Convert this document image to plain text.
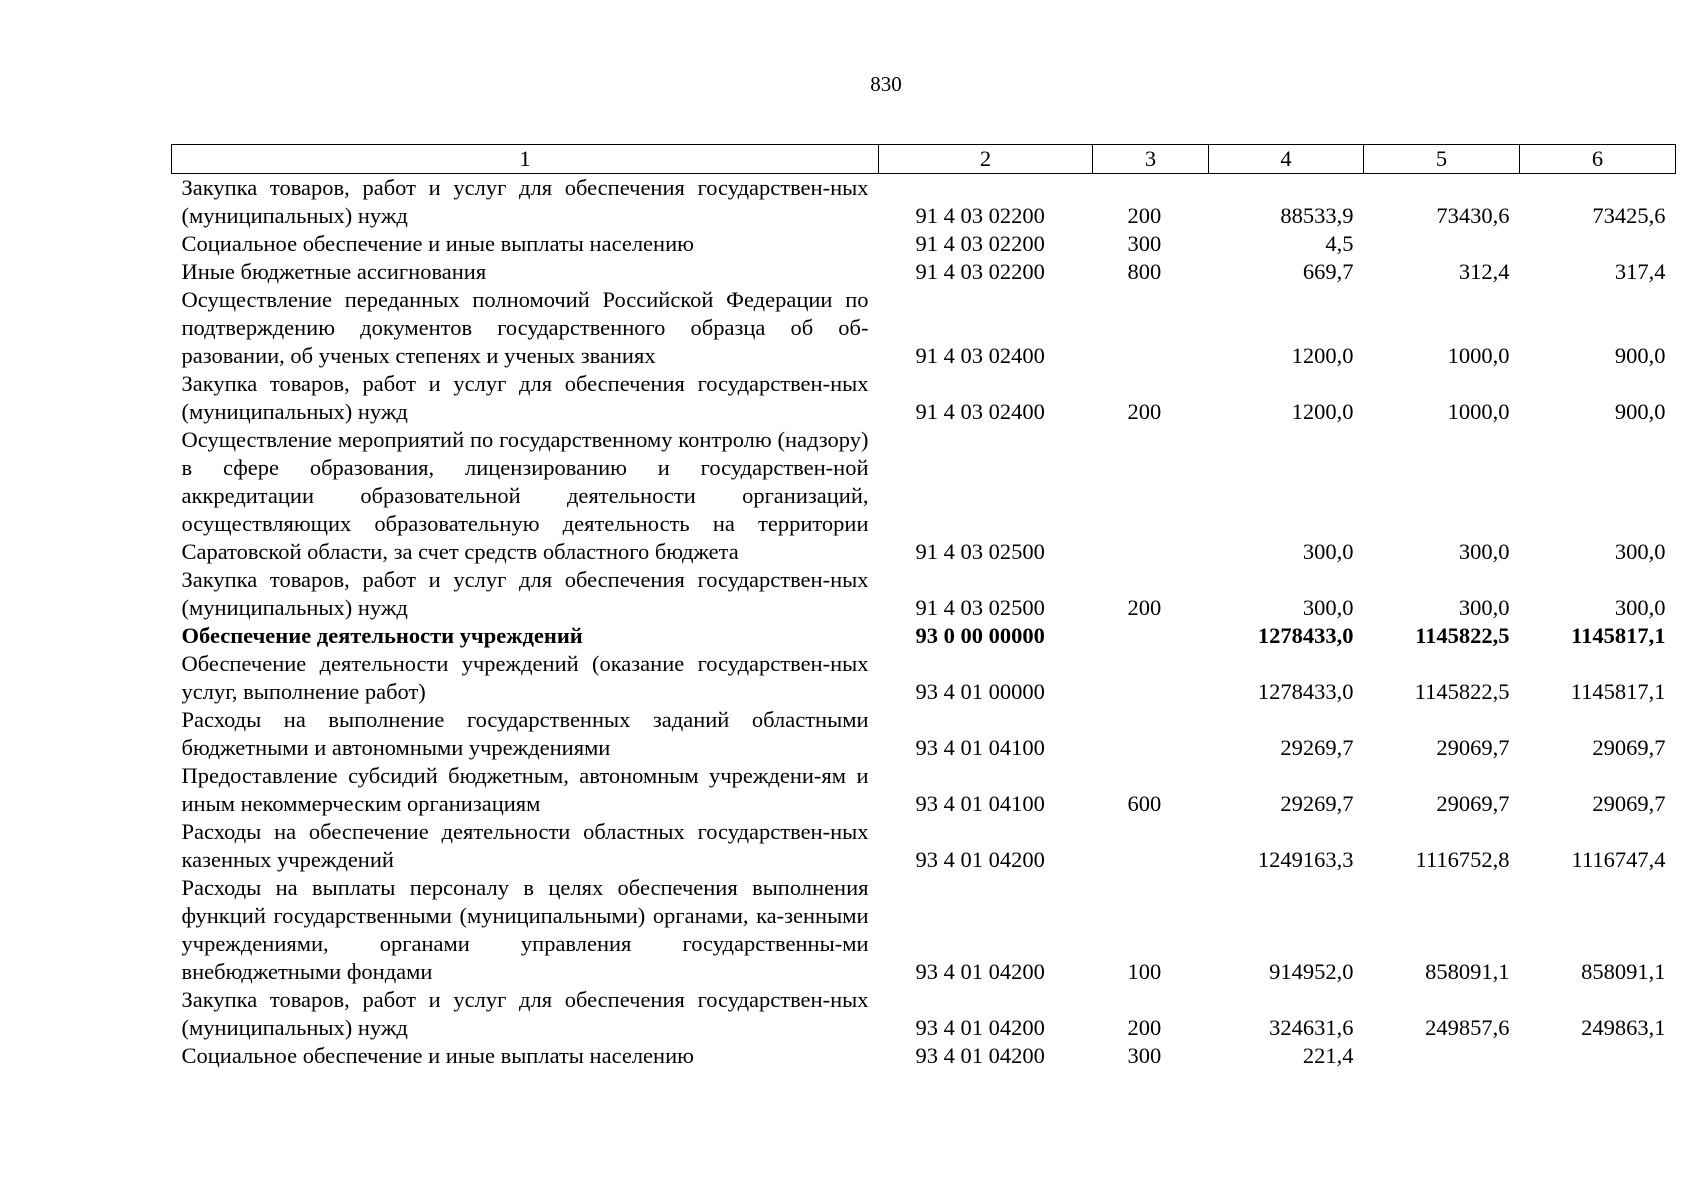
830
1	2	3	4	5	6
Закупка товаров, работ и услуг для обеспечения государствен-ных (муниципальных) нужд	91 4 03 02200	200	88533,9	73430,6	73425,6
Социальное обеспечение и иные выплаты населению	91 4 03 02200	300	4,5		
Иные бюджетные ассигнования	91 4 03 02200	800	669,7	312,4	317,4
Осуществление переданных полномочий Российской Федерации по подтверждению документов государственного образца об об-разовании, об ученых степенях и ученых званиях	91 4 03 02400		1200,0	1000,0	900,0
Закупка товаров, работ и услуг для обеспечения государствен-ных (муниципальных) нужд	91 4 03 02400	200	1200,0	1000,0	900,0
Осуществление мероприятий по государственному контролю (надзору) в сфере образования, лицензированию и государствен-ной аккредитации образовательной деятельности организаций, осуществляющих образовательную деятельность на территории Саратовской области, за счет средств областного бюджета	91 4 03 02500		300,0	300,0	300,0
Закупка товаров, работ и услуг для обеспечения государствен-ных (муниципальных) нужд	91 4 03 02500	200	300,0	300,0	300,0
Обеспечение деятельности учреждений	93 0 00 00000		1278433,0	1145822,5	1145817,1
Обеспечение деятельности учреждений (оказание государствен-ных услуг, выполнение работ)	93 4 01 00000		1278433,0	1145822,5	1145817,1
Расходы на выполнение государственных заданий областными бюджетными и автономными учреждениями	93 4 01 04100		29269,7	29069,7	29069,7
Предоставление субсидий бюджетным, автономным учреждени-ям и иным некоммерческим организациям	93 4 01 04100	600	29269,7	29069,7	29069,7
Расходы на обеспечение деятельности областных государствен-ных казенных учреждений	93 4 01 04200		1249163,3	1116752,8	1116747,4
Расходы на выплаты персоналу в целях обеспечения выполнения функций государственными (муниципальными) органами, ка-зенными учреждениями, органами управления государственны-ми внебюджетными фондами	93 4 01 04200	100	914952,0	858091,1	858091,1
Закупка товаров, работ и услуг для обеспечения государствен-ных (муниципальных) нужд	93 4 01 04200	200	324631,6	249857,6	249863,1
Социальное обеспечение и иные выплаты населению	93 4 01 04200	300	221,4		
